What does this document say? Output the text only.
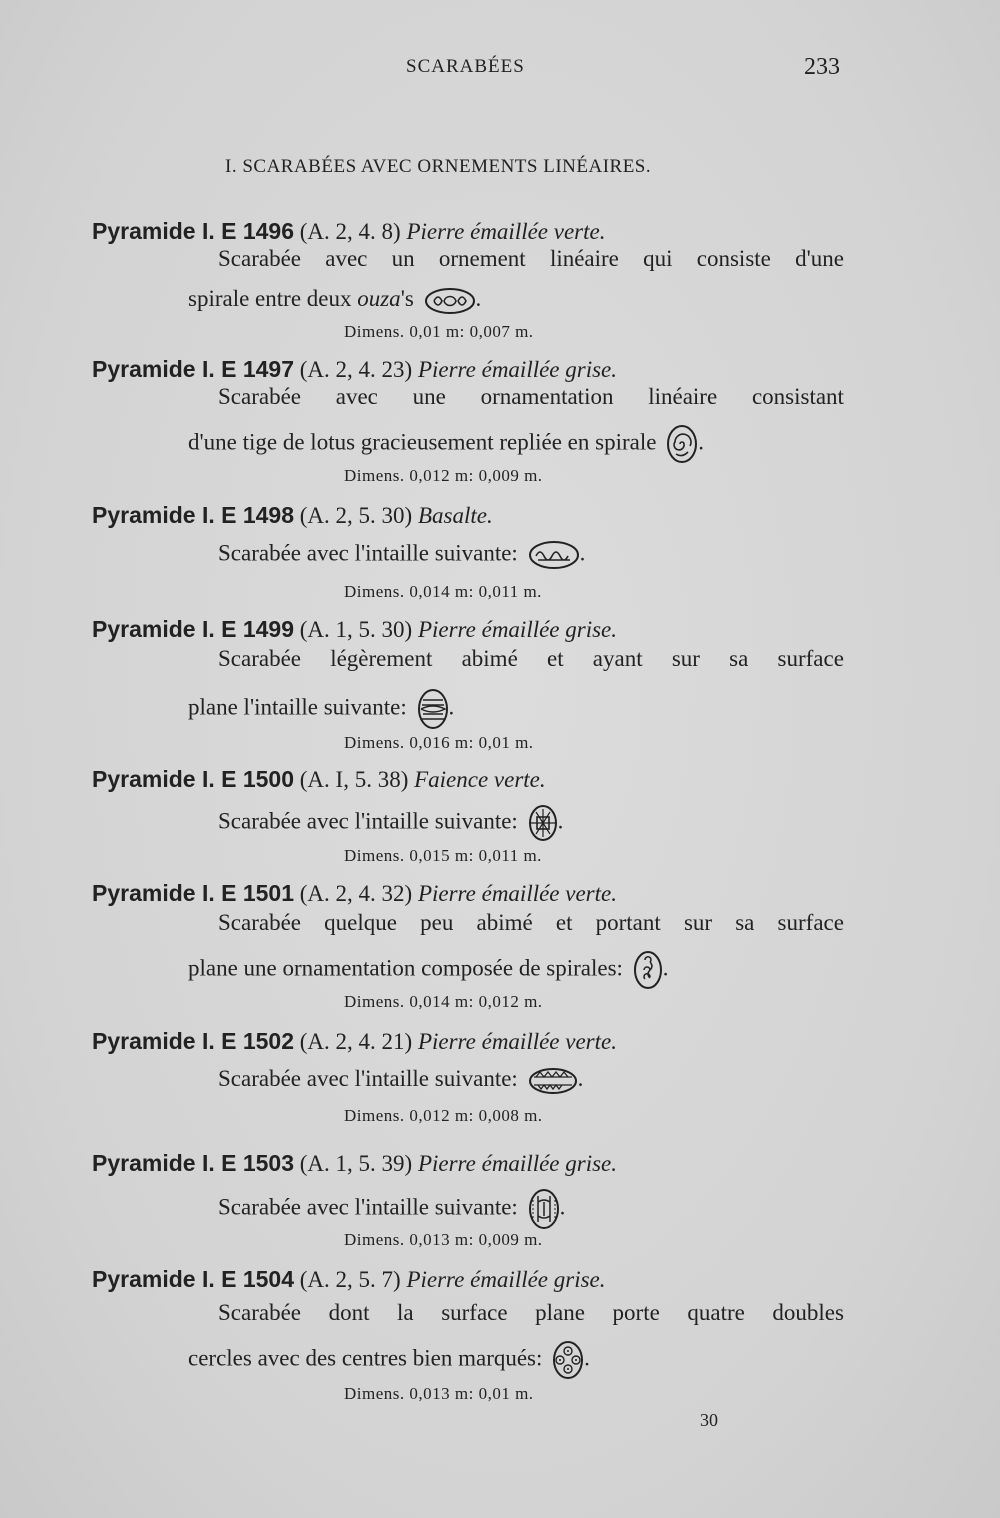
SCARABÉES	233
I. SCARABÉES AVEC ORNEMENTS LINÉAIRES.
Pyramide I. E 1496 (A. 2, 4. 8) Pierre émaillée verte.
Scarabée avec un ornement linéaire qui consiste d'une
spirale entre deux ouza's	.
Dimens. 0,01 m: 0,007 m.
Pyramide I. E 1497 (A. 2, 4. 23) Pierre émaillée grise.
Scarabée avec une ornamentation linéaire consistant
d'une tige de lotus gracieusement repliée en spirale .
Dimens. 0,012 m: 0,009 m.
Pyramide I. E 1498 (A. 2, 5. 30) Basalte.
Scarabée avec l'intaille suivante:	.
Dimens. 0,014 m: 0,011 m.
Pyramide I. E 1499 (A. 1, 5. 30) Pierre émaillée grise.
Scarabée légèrement abimé et ayant sur sa surface
plane l'intaille suivante: .
Dimens. 0,016 m: 0,01 m.
Pyramide I. E 1500 (A. I, 5. 38) Faience verte.
Scarabée avec l'intaille suivante: .
Dimens. 0,015 m: 0,011 m.
Pyramide I. E 1501 (A. 2, 4. 32) Pierre émaillée verte.
Scarabée quelque peu abimé et portant sur sa surface
plane une ornamentation composée de spirales: .
Dimens. 0,014 m: 0,012 m.
Pyramide I. E 1502 (A. 2, 4. 21) Pierre émaillée verte.
Scarabée avec l'intaille suivante:	.
Dimens. 0,012 m: 0,008 m.
Pyramide I. E 1503 (A. 1, 5. 39) Pierre émaillée grise.
Scarabée avec l'intaille suivante: .
Dimens. 0,013 m: 0,009 m.
Pyramide I. E 1504 (A. 2, 5. 7) Pierre émaillée grise.
Scarabée dont la surface plane porte quatre doubles
cercles avec des centres bien marqués: .
Dimens. 0,013 m: 0,01 m.
30
